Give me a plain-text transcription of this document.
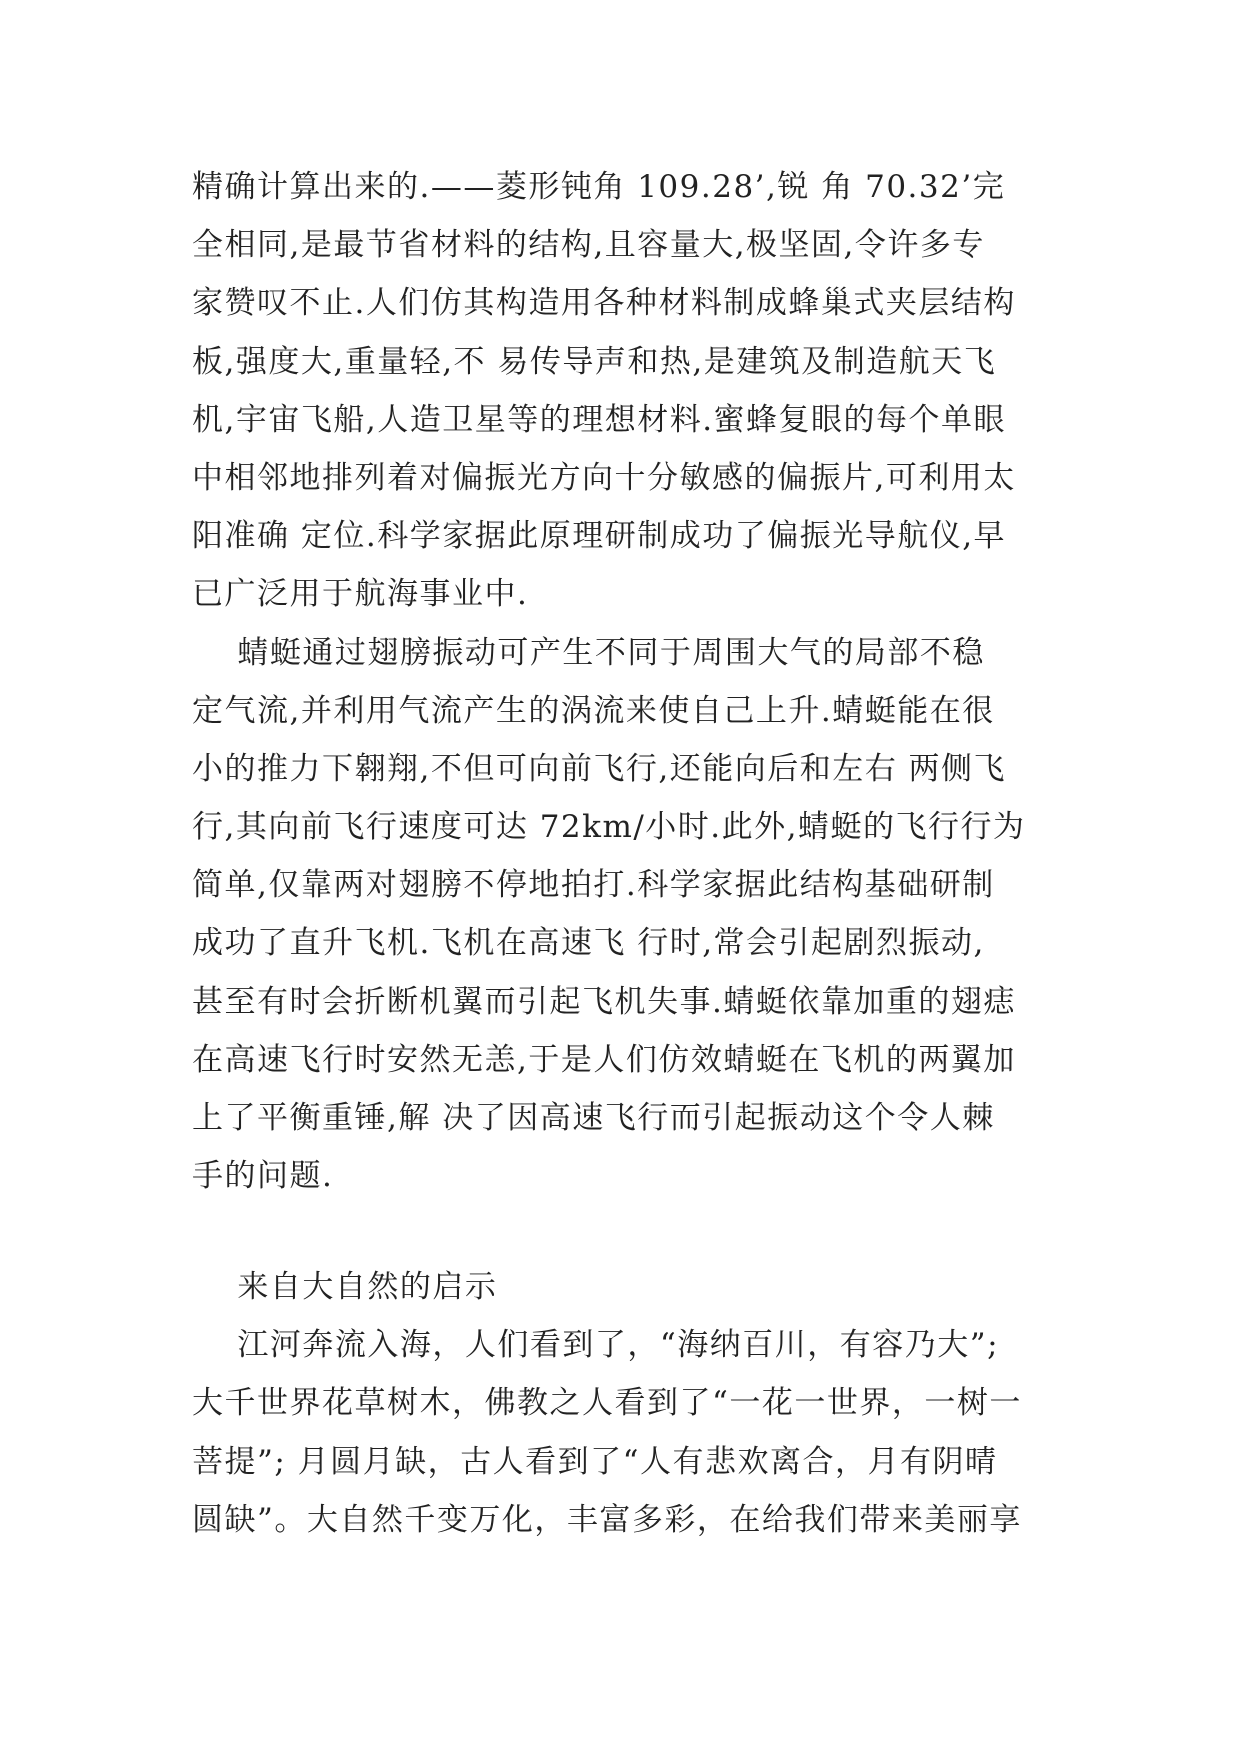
精确计算出来的.——菱形钝角 109.28’,锐 角 70.32’完
全相同,是最节省材料的结构,且容量大,极坚固,令许多专
家赞叹不止.人们仿其构造用各种材料制成蜂巢式夹层结构
板,强度大,重量轻,不 易传导声和热,是建筑及制造航天飞
机,宇宙飞船,人造卫星等的理想材料.蜜蜂复眼的每个单眼
中相邻地排列着对偏振光方向十分敏感的偏振片,可利用太
阳准确 定位.科学家据此原理研制成功了偏振光导航仪,早
已广泛用于航海事业中.
蜻蜓通过翅膀振动可产生不同于周围大气的局部不稳
定气流,并利用气流产生的涡流来使自己上升.蜻蜓能在很
小的推力下翱翔,不但可向前飞行,还能向后和左右 两侧飞
行,其向前飞行速度可达 72km/小时.此外,蜻蜓的飞行行为
简单,仅靠两对翅膀不停地拍打.科学家据此结构基础研制
成功了直升飞机.飞机在高速飞 行时,常会引起剧烈振动,
甚至有时会折断机翼而引起飞机失事.蜻蜓依靠加重的翅痣
在高速飞行时安然无恙,于是人们仿效蜻蜓在飞机的两翼加
上了平衡重锤,解 决了因高速飞行而引起振动这个令人棘
手的问题.
来自大自然的启示
江河奔流入海，人们看到了，“海纳百川，有容乃大”;
大千世界花草树木，佛教之人看到了“一花一世界，一树一
菩提”; 月圆月缺，古人看到了“人有悲欢离合，月有阴晴
圆缺”。大自然千变万化，丰富多彩，在给我们带来美丽享
